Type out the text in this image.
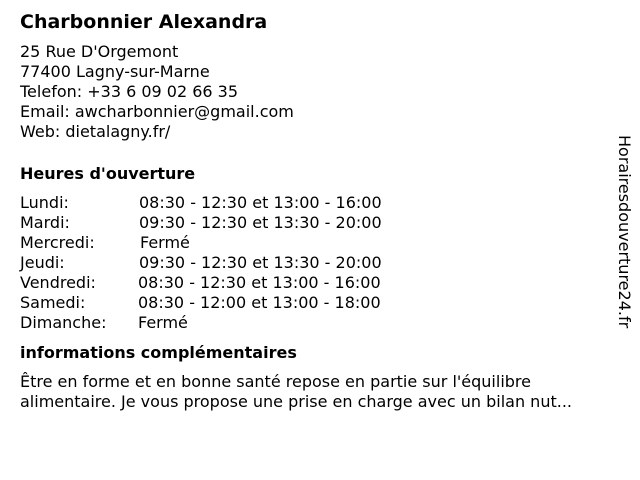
Charbonnier Alexandra
25 Rue D'Orgemont
77400 Lagny-sur-Marne
Telefon: +33 6 09 02 66 35
Email: awcharbonnier@gmail.com
Web: dietalagny.fr/
Heures d'ouverture
Lundi:	08:30 - 12:30 et 13:00 - 16:00
Mardi:	09:30 - 12:30 et 13:30 - 20:00
Mercredi:	Fermé
Jeudi:	09:30 - 12:30 et 13:30 - 20:00
Vendredi:	08:30 - 12:30 et 13:00 - 16:00
Samedi:	08:30 - 12:00 et 13:00 - 18:00
Dimanche: Fermé
informations complémentaires
Être en forme et en bonne santé repose en partie sur l'équilibre
alimentaire. Je vous propose une prise en charge avec un bilan nut...
Horairesdouverture24.fr
